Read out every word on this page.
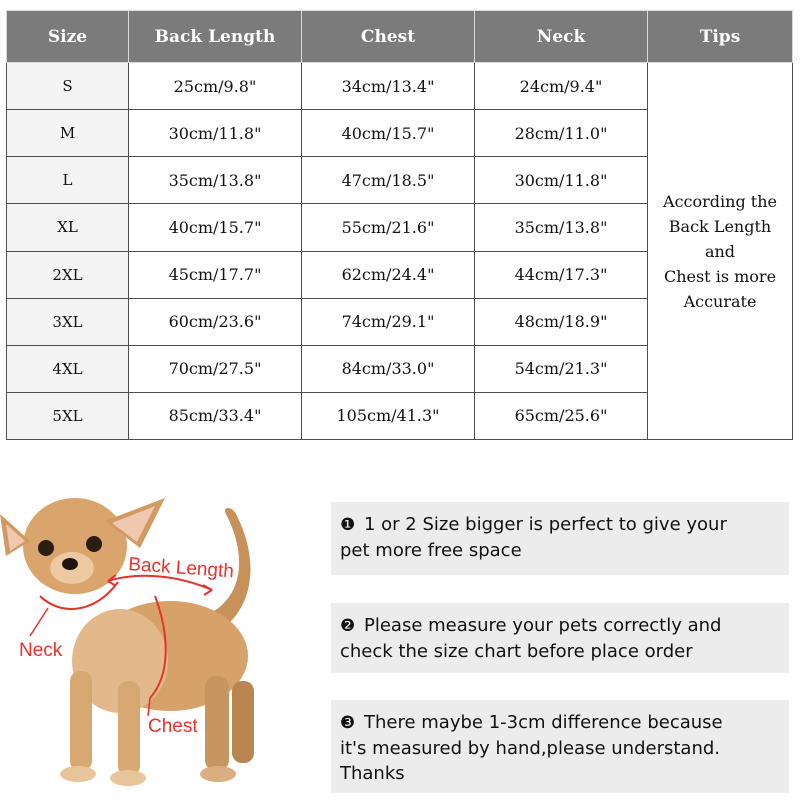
Size	Back Length	Chest	Neck	Tips
S	25cm/9.8"	34cm/13.4"	24cm/9.4"	According the
Back Length and
Chest is more
Accurate

M	30cm/11.8"	40cm/15.7"	28cm/11.0"	
L	35cm/13.8"	47cm/18.5"	30cm/11.8"	
XL	40cm/15.7"	55cm/21.6"	35cm/13.8"	
2XL	45cm/17.7"	62cm/24.4"	44cm/17.3"	
3XL	60cm/23.6"	74cm/29.1"	48cm/18.9"	
4XL	70cm/27.5"	84cm/33.0"	54cm/21.3"	
5XL	85cm/33.4"	105cm/41.3"	65cm/25.6"	
Back Length
Neck
Chest
❶ 1 or 2 Size bigger is perfect to give your
pet more free space
❷ Please measure your pets correctly and
check the size chart before place order
❸ There maybe 1-3cm difference because
it's measured by hand,please understand.
Thanks
